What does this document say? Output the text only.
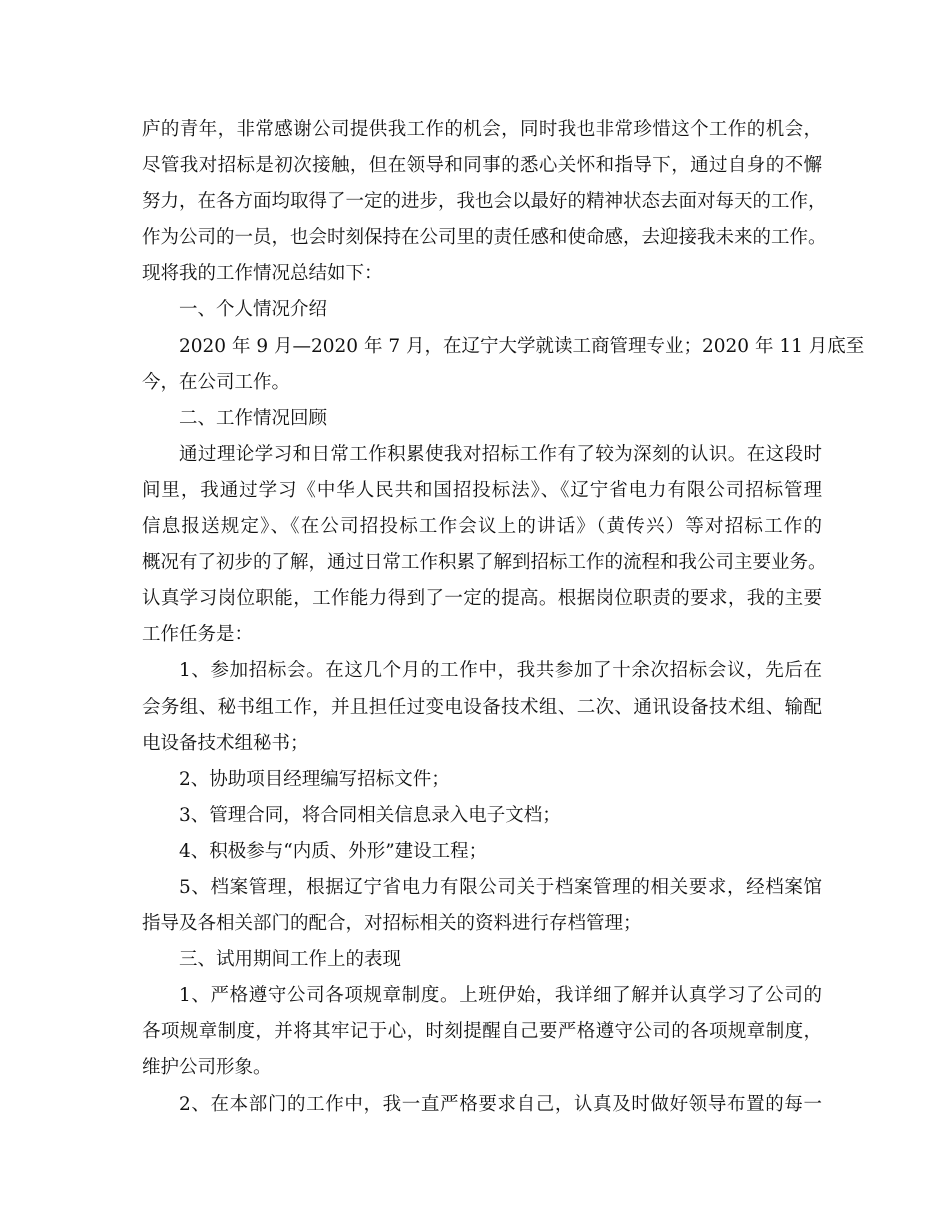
庐的青年，非常感谢公司提供我工作的机会，同时我也非常珍惜这个工作的机会，

尽管我对招标是初次接触，但在领导和同事的悉心关怀和指导下，通过自身的不懈

努力，在各方面均取得了一定的进步，我也会以最好的精神状态去面对每天的工作，

作为公司的一员，也会时刻保持在公司里的责任感和使命感，去迎接我未来的工作。

现将我的工作情况总结如下：

一、个人情况介绍

2020 年 9 月—2020 年 7 月，在辽宁大学就读工商管理专业；2020 年 11 月底至

今，在公司工作。

二、工作情况回顾

通过理论学习和日常工作积累使我对招标工作有了较为深刻的认识。在这段时

间里，我通过学习《中华人民共和国招投标法》、《辽宁省电力有限公司招标管理

信息报送规定》、《在公司招投标工作会议上的讲话》（黄传兴）等对招标工作的

概况有了初步的了解，通过日常工作积累了解到招标工作的流程和我公司主要业务。

认真学习岗位职能，工作能力得到了一定的提高。根据岗位职责的要求，我的主要

工作任务是：

1、参加招标会。在这几个月的工作中，我共参加了十余次招标会议，先后在

会务组、秘书组工作，并且担任过变电设备技术组、二次、通讯设备技术组、输配

电设备技术组秘书；

2、协助项目经理编写招标文件；

3、管理合同，将合同相关信息录入电子文档；

4、积极参与“内质、外形”建设工程；

5、档案管理，根据辽宁省电力有限公司关于档案管理的相关要求，经档案馆

指导及各相关部门的配合，对招标相关的资料进行存档管理；

三、试用期间工作上的表现

1、严格遵守公司各项规章制度。上班伊始，我详细了解并认真学习了公司的

各项规章制度，并将其牢记于心，时刻提醒自己要严格遵守公司的各项规章制度，

维护公司形象。

2、在本部门的工作中，我一直严格要求自己，认真及时做好领导布置的每一
